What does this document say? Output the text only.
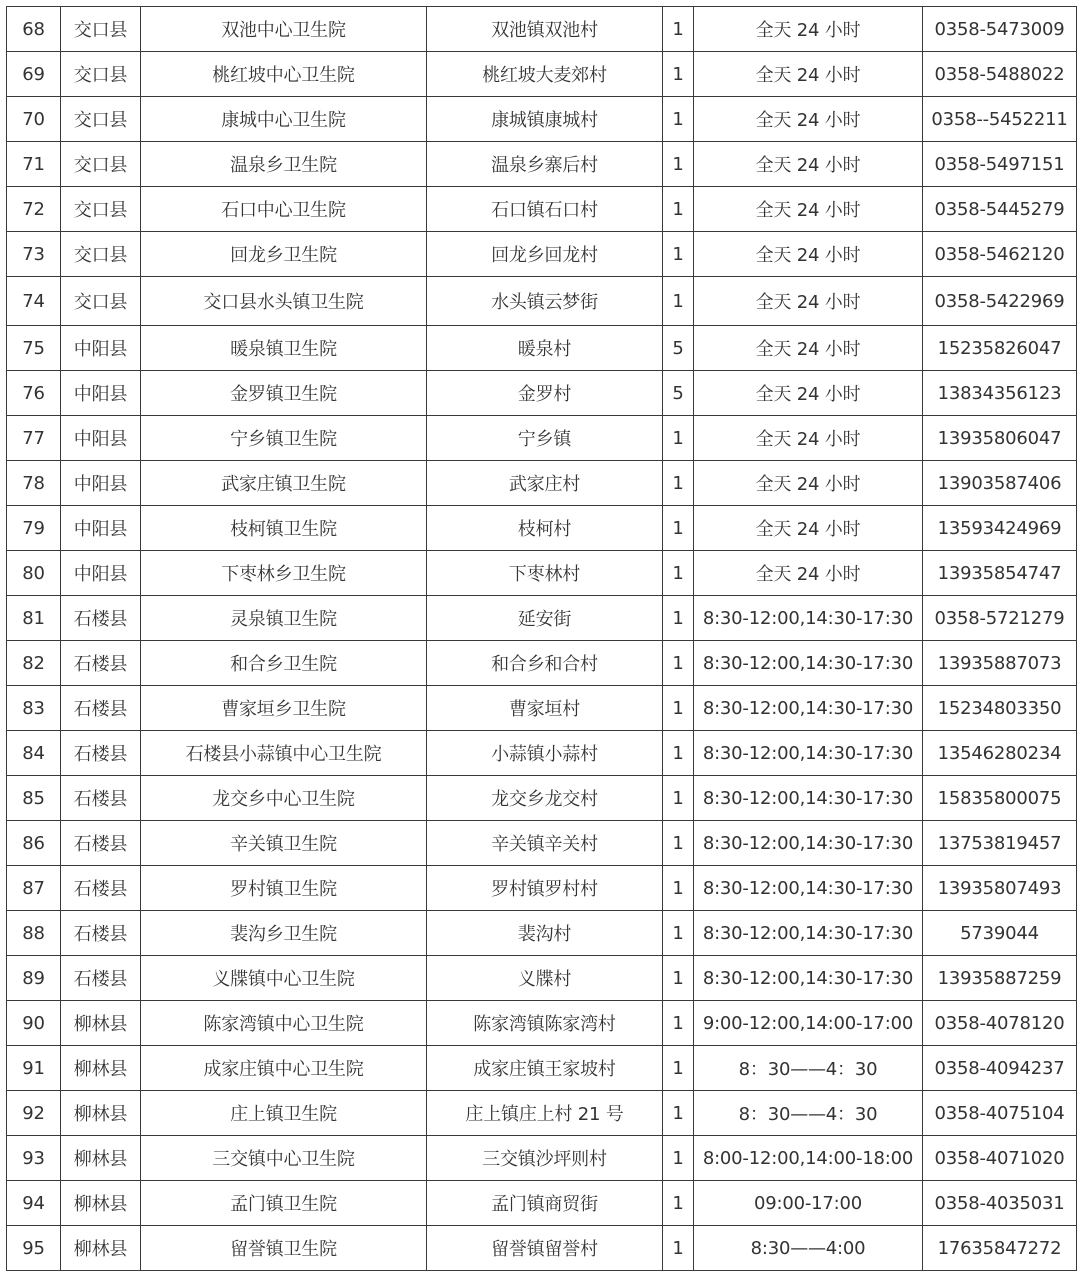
68	交口县	双池中心卫生院	双池镇双池村	1	全天 24 小时	0358-5473009
69	交口县	桃红坡中心卫生院	桃红坡大麦郊村	1	全天 24 小时	0358-5488022
70	交口县	康城中心卫生院	康城镇康城村	1	全天 24 小时	0358--5452211
71	交口县	温泉乡卫生院	温泉乡寨后村	1	全天 24 小时	0358-5497151
72	交口县	石口中心卫生院	石口镇石口村	1	全天 24 小时	0358-5445279
73	交口县	回龙乡卫生院	回龙乡回龙村	1	全天 24 小时	0358-5462120
74	交口县	交口县水头镇卫生院	水头镇云梦街	1	全天 24 小时	0358-5422969
75	中阳县	暖泉镇卫生院	暖泉村	5	全天 24 小时	15235826047
76	中阳县	金罗镇卫生院	金罗村	5	全天 24 小时	13834356123
77	中阳县	宁乡镇卫生院	宁乡镇	1	全天 24 小时	13935806047
78	中阳县	武家庄镇卫生院	武家庄村	1	全天 24 小时	13903587406
79	中阳县	枝柯镇卫生院	枝柯村	1	全天 24 小时	13593424969
80	中阳县	下枣林乡卫生院	下枣林村	1	全天 24 小时	13935854747
81	石楼县	灵泉镇卫生院	延安街	1	8:30-12:00,14:30-17:30	0358-5721279
82	石楼县	和合乡卫生院	和合乡和合村	1	8:30-12:00,14:30-17:30	13935887073
83	石楼县	曹家垣乡卫生院	曹家垣村	1	8:30-12:00,14:30-17:30	15234803350
84	石楼县	石楼县小蒜镇中心卫生院	小蒜镇小蒜村	1	8:30-12:00,14:30-17:30	13546280234
85	石楼县	龙交乡中心卫生院	龙交乡龙交村	1	8:30-12:00,14:30-17:30	15835800075
86	石楼县	辛关镇卫生院	辛关镇辛关村	1	8:30-12:00,14:30-17:30	13753819457
87	石楼县	罗村镇卫生院	罗村镇罗村村	1	8:30-12:00,14:30-17:30	13935807493
88	石楼县	裴沟乡卫生院	裴沟村	1	8:30-12:00,14:30-17:30	5739044
89	石楼县	义牒镇中心卫生院	义牒村	1	8:30-12:00,14:30-17:30	13935887259
90	柳林县	陈家湾镇中心卫生院	陈家湾镇陈家湾村	1	9:00-12:00,14:00-17:00	0358-4078120
91	柳林县	成家庄镇中心卫生院	成家庄镇王家坡村	1	8：30——4：30	0358-4094237
92	柳林县	庄上镇卫生院	庄上镇庄上村 21 号	1	8：30——4：30	0358-4075104
93	柳林县	三交镇中心卫生院	三交镇沙坪则村	1	8:00-12:00,14:00-18:00	0358-4071020
94	柳林县	孟门镇卫生院	孟门镇商贸街	1	09:00-17:00	0358-4035031
95	柳林县	留誉镇卫生院	留誉镇留誉村	1	8:30——4:00	17635847272
